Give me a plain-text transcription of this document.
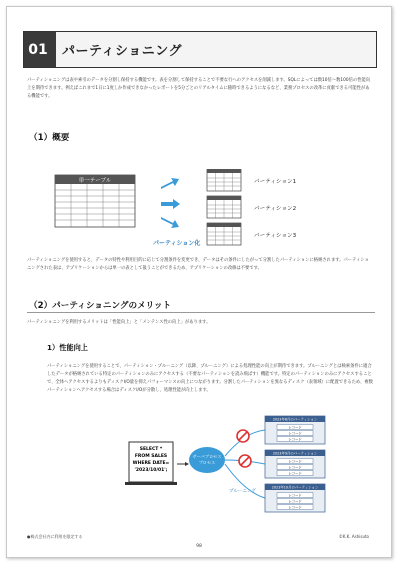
01	パーティショニング
パーティショニングは表や索引のデータを分割し保持する機能です。表を分割して保持することで不要な行へのアクセスを削減します。SQLによっては数10倍〜数100倍の性能向上を期待できます。例えばこれまで1日に1度しか作成できなかったレポートを5分ごとのリアルタイムに随時できるようになるなど、業務プロセスの改革に貢献できる可能性がある機能です。
（1）概要
単一テーブル
パーティション化
パーティション1
パーティション2
パーティション3
パーティショニングを使用すると、データの特性や利用目的に応じて分割条件を変更でき、データはその条件にしたがって分割したパーティションに格納されます。パーティショニングされた表は、アプリケーションからは単一の表として扱うことができるため、アプリケーションの改修は不要です。
（2）パーティショニングのメリット
パーティショニングを利用するメリットは「性能向上」と「メンテンス性の向上」があります。
1）性能向上
パーティショニングを使用することで、パーティション・プルーニング（以降、プルーニング）による処理性能の向上が期待できます。プルーニングとは検索条件に適合したデータが格納されている特定のパーティションのみにアクセスする（不要なパーティションを読み飛ばす）機能です。特定のパーティションのみにアクセスすることで、全体へアクセスするよりもディスクI/O量を抑えパフォーマンスの向上につながります。分割したパーティションを異なるディスク（表領域）に配置できるため、複数パーティションへアクセスする場合はディスクI/Oが分散し、処理性能が向上します。
SELECT *
FROM SALES
WHERE DATE=
'2023/10/01';
サーバプロセス
プロセス
プルーニング
2023年8月のパーティション
レコード
レコード
レコード
2023年9月のパーティション
レコード
レコード
レコード
2023年10月のパーティション
レコード
レコード
レコード
●株式会社内に利用を限定する	©K.K. Ashisuto
98
